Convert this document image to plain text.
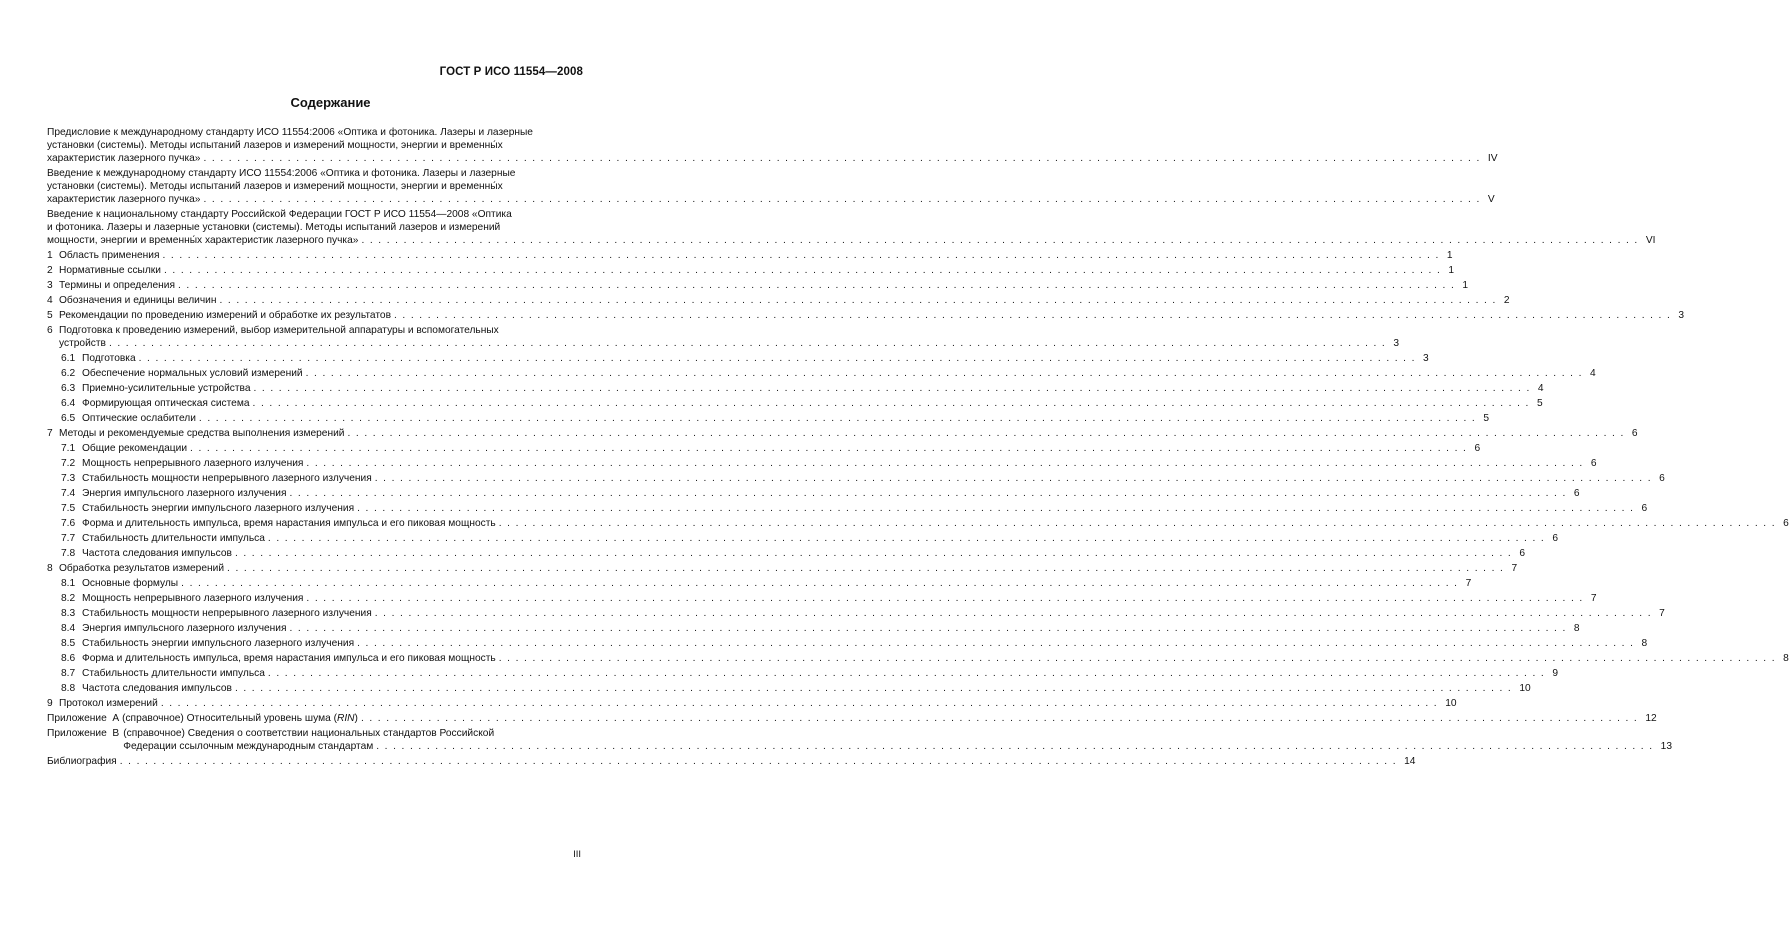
ГОСТ Р ИСО 11554—2008
Содержание
Предисловие к международному стандарту ИСО 11554:2006 «Оптика и фотоника. Лазеры и лазерные
установки (системы). Методы испытаний лазеров и измерений мощности, энергии и временны́х
характеристик лазерного пучка» .....	IV
Введение к международному стандарту ИСО 11554:2006 «Оптика и фотоника. Лазеры и лазерные
установки (системы). Методы испытаний лазеров и измерений мощности, энергии и временны́х
характеристик лазерного пучка» .....	V
Введение к национальному стандарту Российской Федерации ГОСТ Р ИСО 11554—2008 «Оптика
и фотоника. Лазеры и лазерные установки (системы). Методы испытаний лазеров и измерений
мощности, энергии и временны́х характеристик лазерного пучка» .....	VI
1 Область применения .....	1
2 Нормативные ссылки .....	1
3 Термины и определения .....	1
4 Обозначения и единицы величин .....	2
5 Рекомендации по проведению измерений и обработке их результатов .....	3
6 Подготовка к проведению измерений, выбор измерительной аппаратуры и вспомогательных
устройств .....	3
6.1 Подготовка .....	3
6.2 Обеспечение нормальных условий измерений .....	4
6.3 Приемно-усилительные устройства .....	4
6.4 Формирующая оптическая система .....	5
6.5 Оптические ослабители .....	5
7 Методы и рекомендуемые средства выполнения измерений .....	6
7.1 Общие рекомендации .....	6
7.2 Мощность непрерывного лазерного излучения .....	6
7.3 Стабильность мощности непрерывного лазерного излучения .....	6
7.4 Энергия импульсного лазерного излучения .....	6
7.5 Стабильность энергии импульсного лазерного излучения .....	6
7.6 Форма и длительность импульса, время нарастания импульса и его пиковая мощность .....	6
7.7 Стабильность длительности импульса .....	6
7.8 Частота следования импульсов .....	6
8 Обработка результатов измерений .....	7
8.1 Основные формулы .....	7
8.2 Мощность непрерывного лазерного излучения .....	7
8.3 Стабильность мощности непрерывного лазерного излучения .....	7
8.4 Энергия импульсного лазерного излучения .....	8
8.5 Стабильность энергии импульсного лазерного излучения .....	8
8.6 Форма и длительность импульса, время нарастания импульса и его пиковая мощность .....	8
8.7 Стабильность длительности импульса .....	9
8.8 Частота следования импульсов .....	10
9 Протокол измерений .....	10
Приложение  А (справочное) Относительный уровень шума (RIN) .....	12
Приложение  В (справочное) Сведения о соответствии национальных стандартов Российской
Федерации ссылочным международным стандартам .....	13
Библиография .....	14
III
